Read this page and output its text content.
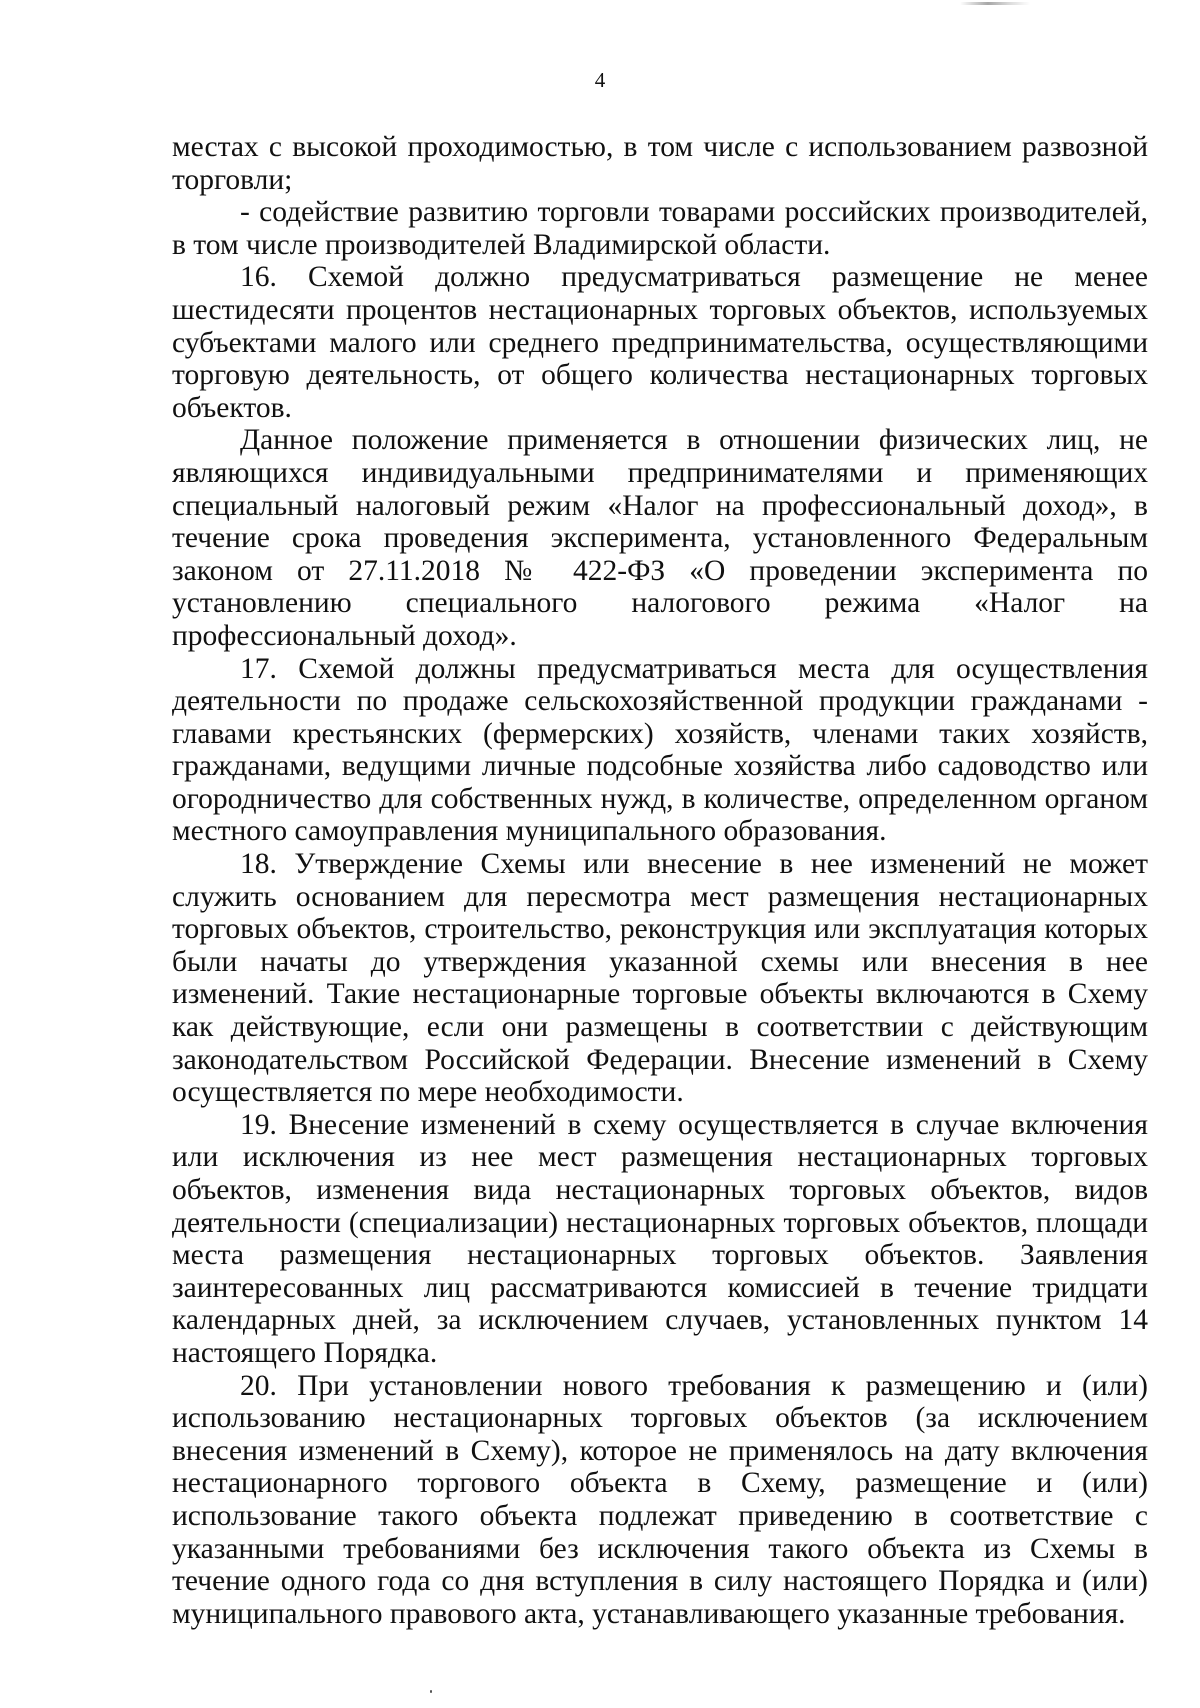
4

местах с высокой проходимостью, в том числе с использованием развозной торговли;

- содействие развитию торговли товарами российских производителей, в том числе производителей Владимирской области.

16. Схемой должно предусматриваться размещение не менее шестидесяти процентов нестационарных торговых объектов, используемых субъектами малого или среднего предпринимательства, осуществляющими торговую деятельность, от общего количества нестационарных торговых объектов.

Данное положение применяется в отношении физических лиц, не являющихся индивидуальными предпринимателями и применяющих специальный налоговый режим «Налог на профессиональный доход», в течение срока проведения эксперимента, установленного Федеральным законом от 27.11.2018 № 422-ФЗ «О проведении эксперимента по установлению специального налогового режима «Налог на профессиональный доход».

17. Схемой должны предусматриваться места для осуществления деятельности по продаже сельскохозяйственной продукции гражданами - главами крестьянских (фермерских) хозяйств, членами таких хозяйств, гражданами, ведущими личные подсобные хозяйства либо садоводство или огородничество для собственных нужд, в количестве, определенном органом местного самоуправления муниципального образования.

18. Утверждение Схемы или внесение в нее изменений не может служить основанием для пересмотра мест размещения нестационарных торговых объектов, строительство, реконструкция или эксплуатация которых были начаты до утверждения указанной схемы или внесения в нее изменений. Такие нестационарные торговые объекты включаются в Схему как действующие, если они размещены в соответствии с действующим законодательством Российской Федерации. Внесение изменений в Схему осуществляется по мере необходимости.

19. Внесение изменений в схему осуществляется в случае включения или исключения из нее мест размещения нестационарных торговых объектов, изменения вида нестационарных торговых объектов, видов деятельности (специализации) нестационарных торговых объектов, площади места размещения нестационарных торговых объектов. Заявления заинтересованных лиц рассматриваются комиссией в течение тридцати календарных дней, за исключением случаев, установленных пунктом 14 настоящего Порядка.

20. При установлении нового требования к размещению и (или) использованию нестационарных торговых объектов (за исключением внесения изменений в Схему), которое не применялось на дату включения нестационарного торгового объекта в Схему, размещение и (или) использование такого объекта подлежат приведению в соответствие с указанными требованиями без исключения такого объекта из Схемы в течение одного года со дня вступления в силу настоящего Порядка и (или) муниципального правового акта, устанавливающего указанные требования.
